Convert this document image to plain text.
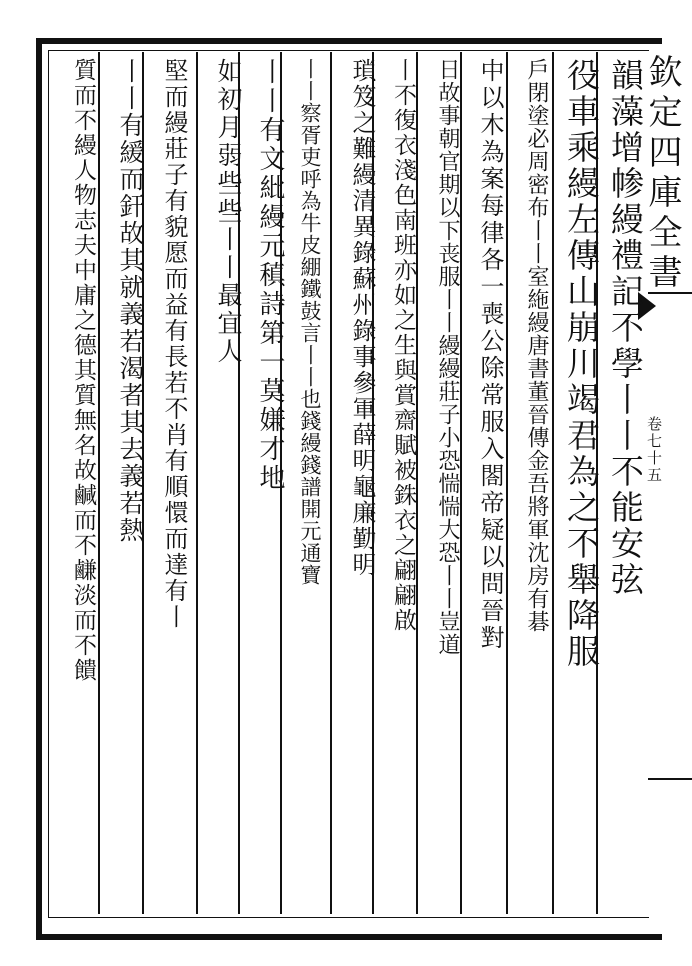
欽定四庫全書
卷七十五
韻藻增㡎縵禮記不學丨丨不能安弦
役車乘縵左傳山崩川竭君為之不舉降服
戶閉塗必周密布丨丨室絁縵唐書董晉傳金吾將軍沈房有碁
中以木為案每律各一喪公除常服入閤帝疑以問晉對
日故事朝官期以下丧服丨丨縵縵莊子小恐惴惴大恐丨丨豈道
丨不復衣淺色南班亦如之生與賞齋賦被銖衣之翩翩啟
瑣笈之難縵清異錄蘇州錄事參軍薛明龜廉勤明
丨丨察胥吏呼為牛皮綳鐵鼓言丨丨也錢縵錢譜開元通寶
丨丨有文紕縵元稹詩第一莫嫌才地
如初月弱些些丨丨最宜人
堅而縵莊子有貌愿而益有長若不肖有順懁而達有丨
丨丨有緩而釬故其就義若渴者其去義若熱
質而不縵人物志夫中庸之德其質無名故鹹而不鹻淡而不饋
